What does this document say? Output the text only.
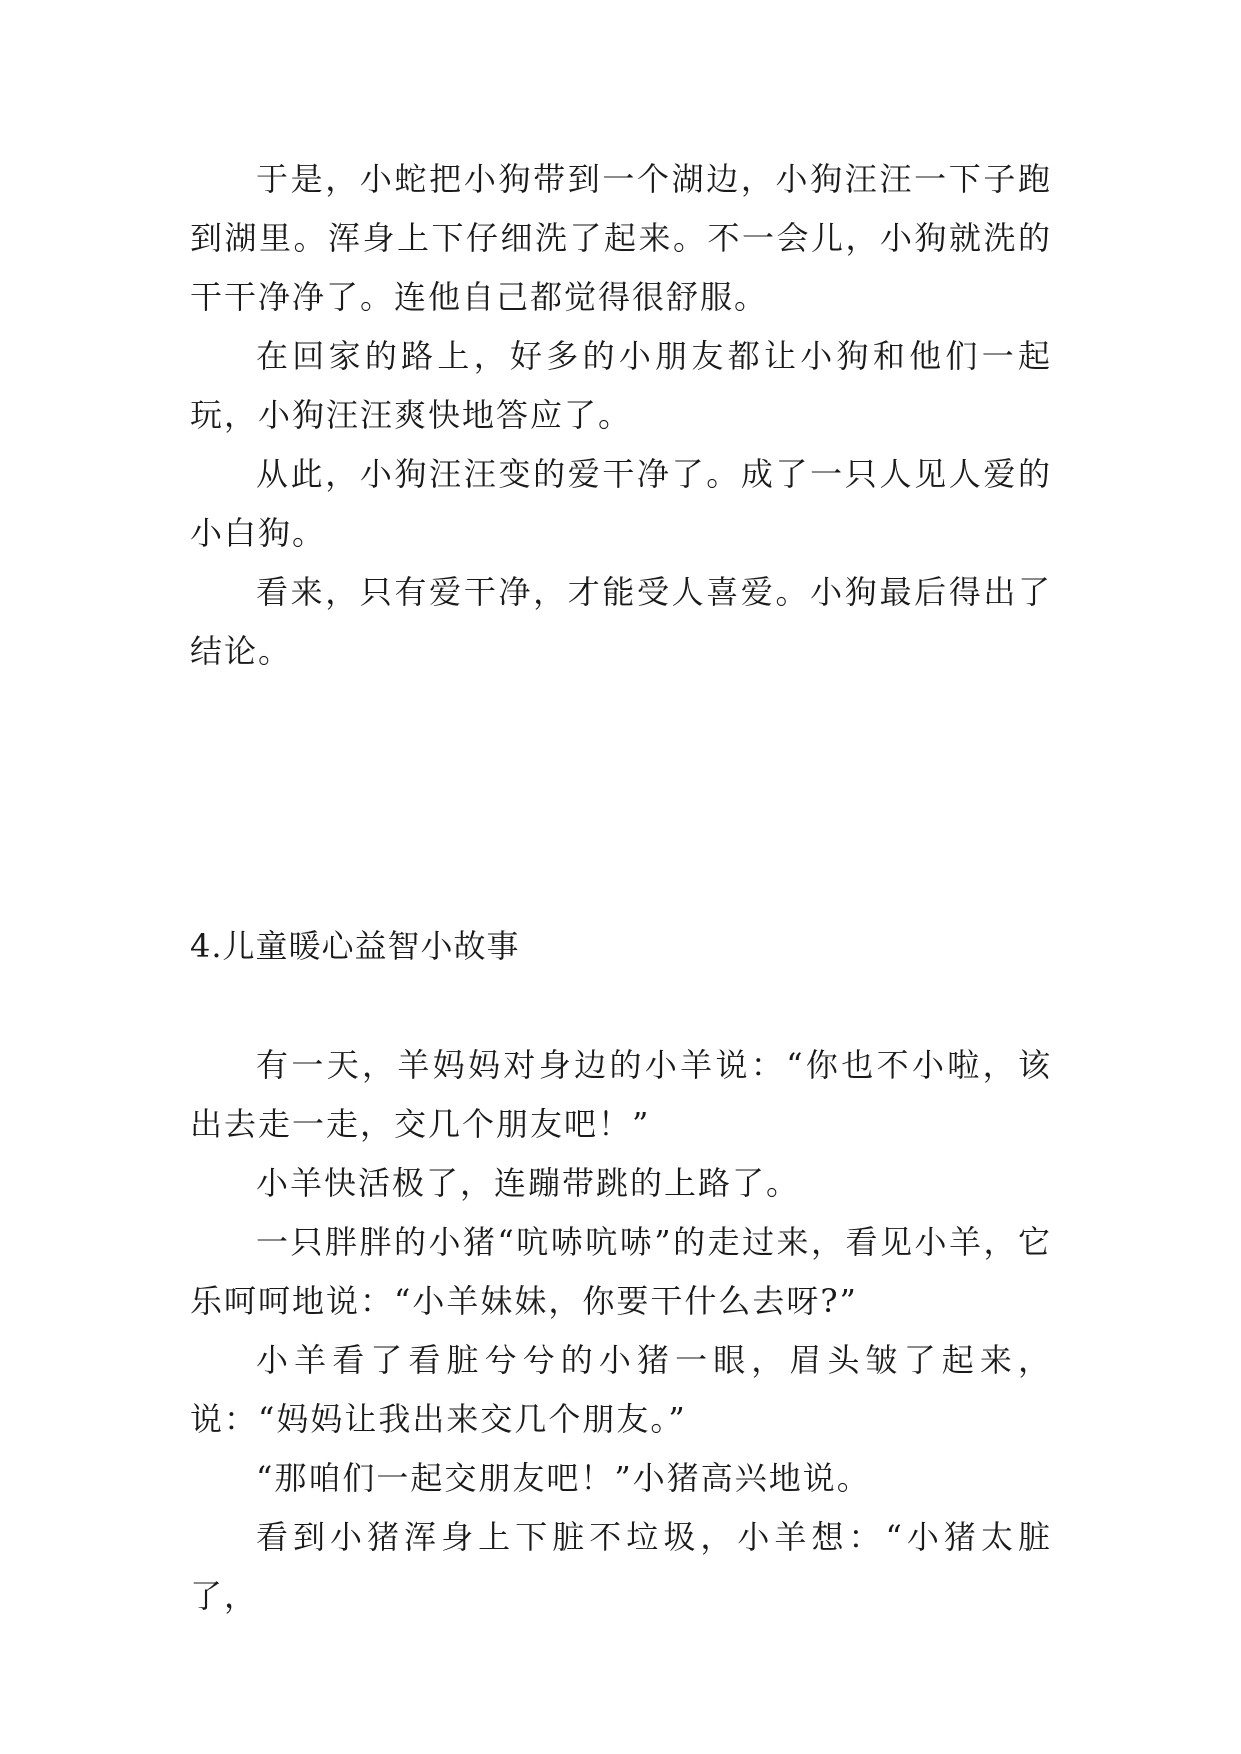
于是，小蛇把小狗带到一个湖边，小狗汪汪一下子跑到湖里。浑身上下仔细洗了起来。不一会儿，小狗就洗的干干净净了。连他自己都觉得很舒服。

在回家的路上，好多的小朋友都让小狗和他们一起玩，小狗汪汪爽快地答应了。

从此，小狗汪汪变的爱干净了。成了一只人见人爱的小白狗。

看来，只有爱干净，才能受人喜爱。小狗最后得出了结论。

4.儿童暖心益智小故事

有一天，羊妈妈对身边的小羊说：“你也不小啦，该出去走一走，交几个朋友吧！”

小羊快活极了，连蹦带跳的上路了。

一只胖胖的小猪“吭哧吭哧”的走过来，看见小羊，它乐呵呵地说：“小羊妹妹，你要干什么去呀?”

小羊看了看脏兮兮的小猪一眼，眉头皱了起来，说：“妈妈让我出来交几个朋友。”

“那咱们一起交朋友吧！”小猪高兴地说。

看到小猪浑身上下脏不垃圾，小羊想：“小猪太脏了，
